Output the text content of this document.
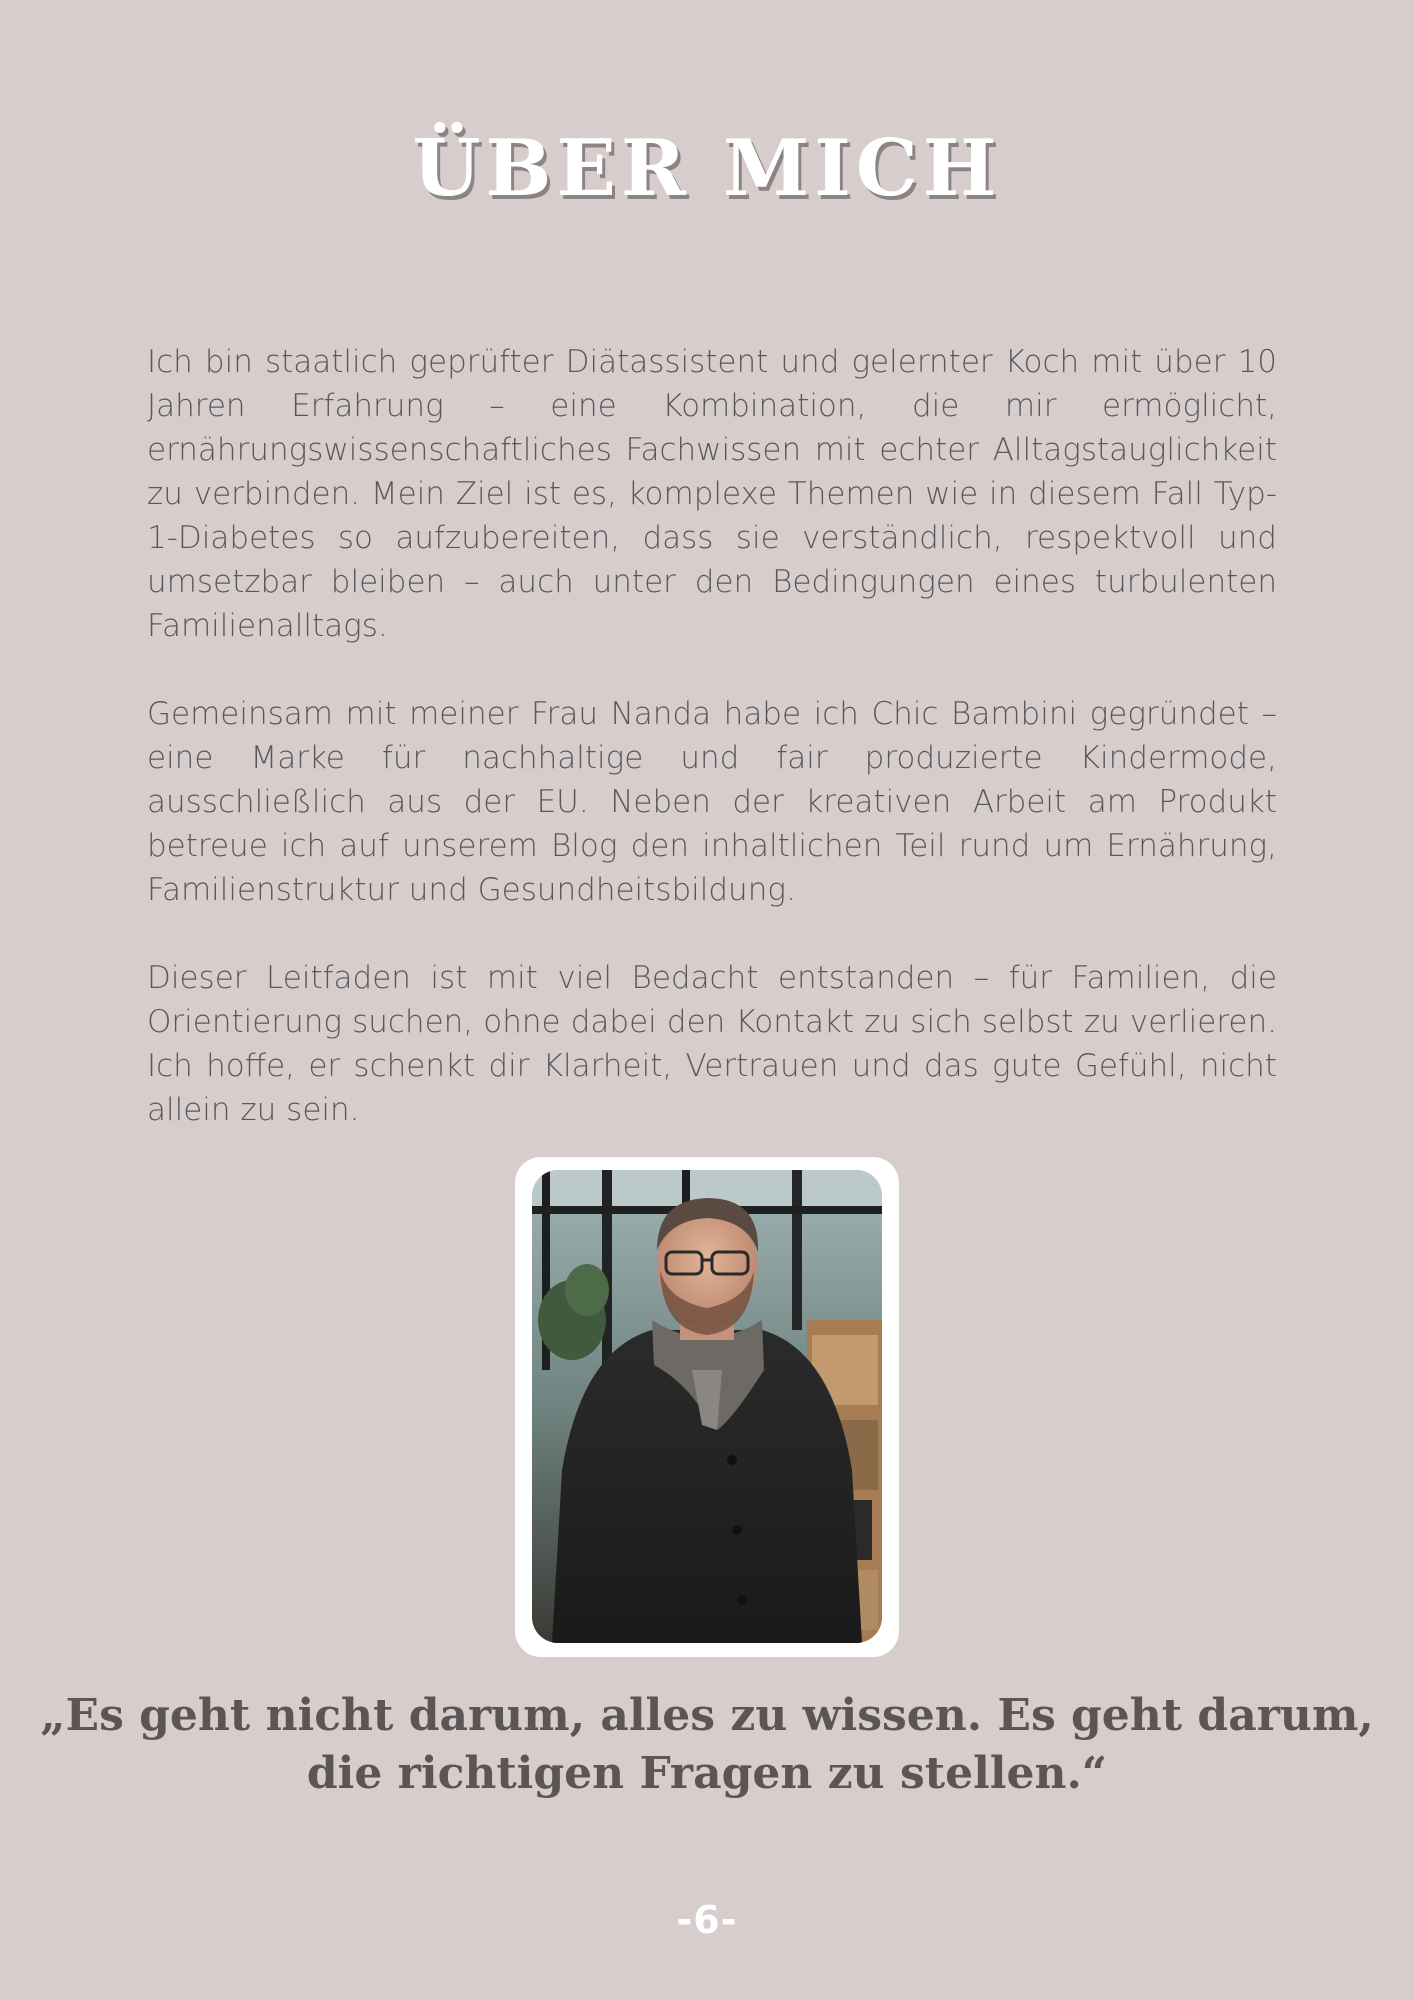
ÜBER MICH

Ich bin staatlich geprüfter Diätassistent und gelernter Koch mit über 10 Jahren Erfahrung – eine Kombination, die mir ermöglicht, ernährungswissenschaftliches Fachwissen mit echter Alltagstauglichkeit zu verbinden. Mein Ziel ist es, komplexe Themen wie in diesem Fall Typ-1-Diabetes so aufzubereiten, dass sie verständlich, respektvoll und umsetzbar bleiben – auch unter den Bedingungen eines turbulenten Familienalltags.

Gemeinsam mit meiner Frau Nanda habe ich Chic Bambini gegründet – eine Marke für nachhaltige und fair produzierte Kindermode, ausschließlich aus der EU. Neben der kreativen Arbeit am Produkt betreue ich auf unserem Blog den inhaltlichen Teil rund um Ernährung, Familienstruktur und Gesundheitsbildung.

Dieser Leitfaden ist mit viel Bedacht entstanden – für Familien, die Orientierung suchen, ohne dabei den Kontakt zu sich selbst zu verlieren. Ich hoffe, er schenkt dir Klarheit, Vertrauen und das gute Gefühl, nicht allein zu sein.

„Es geht nicht darum, alles zu wissen. Es geht darum,
die richtigen Fragen zu stellen.“
-6-
